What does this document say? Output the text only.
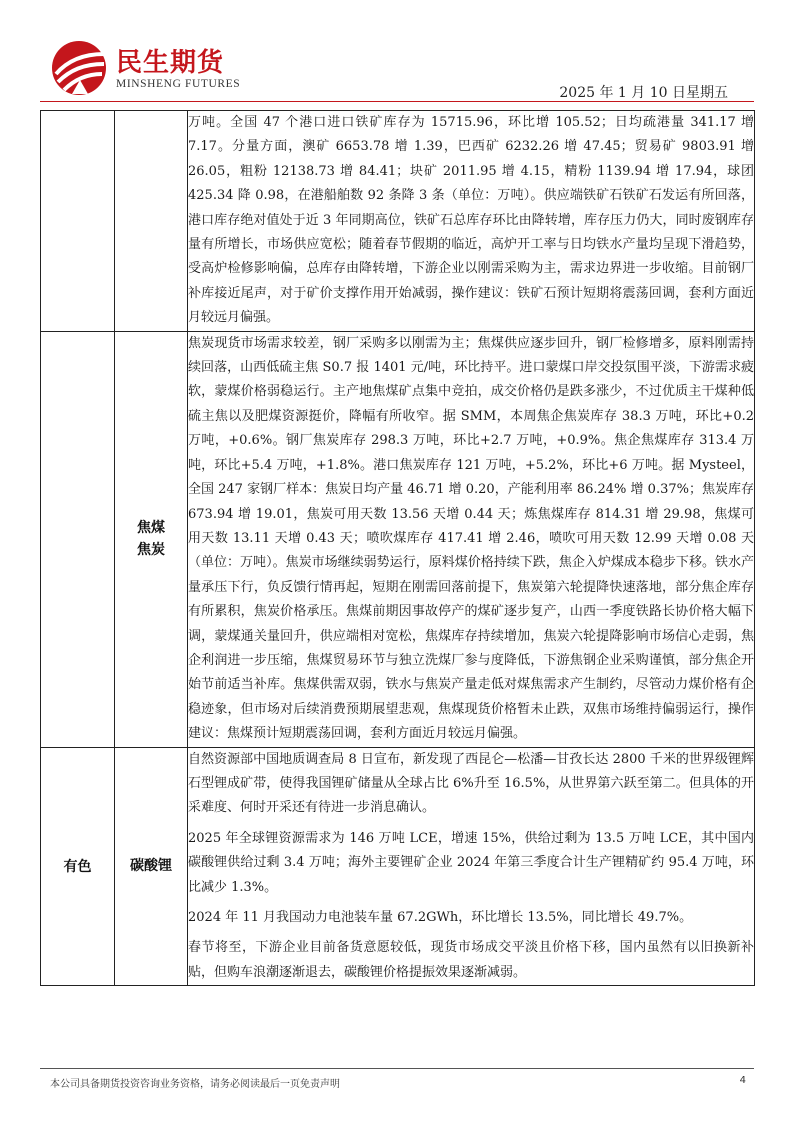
民生期货
MINSHENG FUTURES
2025 年 1 月 10 日星期五

		万吨。全国 47 个港口进口铁矿库存为 15715.96，环比增 105.52；日均疏港量 341.17 增 7.17。分量方面，澳矿 6653.78 增 1.39，巴西矿 6232.26 增 47.45；贸易矿 9803.91 增 26.05，粗粉 12138.73 增 84.41；块矿 2011.95 增 4.15，精粉 1139.94 增 17.94，球团 425.34 降 0.98，在港船舶数 92 条降 3 条（单位：万吨）。供应端铁矿石铁矿石发运有所回落，港口库存绝对值处于近 3 年同期高位，铁矿石总库存环比由降转增，库存压力仍大，同时废钢库存量有所增长，市场供应宽松；随着春节假期的临近，高炉开工率与日均铁水产量均呈现下滑趋势，受高炉检修影响偏，总库存由降转增，下游企业以刚需采购为主，需求边界进一步收缩。目前钢厂补库接近尾声，对于矿价支撑作用开始减弱，操作建议：铁矿石预计短期将震荡回调，套利方面近月较远月偏强。

	焦煤
焦炭	焦炭现货市场需求较差，钢厂采购多以刚需为主；焦煤供应逐步回升，钢厂检修增多，原料刚需持续回落，山西低硫主焦 S0.7 报 1401 元/吨，环比持平。进口蒙煤口岸交投氛围平淡，下游需求疲软，蒙煤价格弱稳运行。主产地焦煤矿点集中竞拍，成交价格仍是跌多涨少，不过优质主干煤种低硫主焦以及肥煤资源挺价，降幅有所收窄。据 SMM，本周焦企焦炭库存 38.3 万吨，环比+0.2 万吨，+0.6%。钢厂焦炭库存 298.3 万吨，环比+2.7 万吨，+0.9%。焦企焦煤库存 313.4 万吨，环比+5.4 万吨，+1.8%。港口焦炭库存 121 万吨，+5.2%，环比+6 万吨。据 Mysteel，全国 247 家钢厂样本：焦炭日均产量 46.71 增 0.20，产能利用率 86.24% 增 0.37%；焦炭库存 673.94 增 19.01，焦炭可用天数 13.56 天增 0.44 天；炼焦煤库存 814.31 增 29.98，焦煤可用天数 13.11 天增 0.43 天；喷吹煤库存 417.41 增 2.46，喷吹可用天数 12.99 天增 0.08 天（单位：万吨）。焦炭市场继续弱势运行，原料煤价格持续下跌，焦企入炉煤成本稳步下移。铁水产量承压下行，负反馈行情再起，短期在刚需回落前提下，焦炭第六轮提降快速落地，部分焦企库存有所累积，焦炭价格承压。焦煤前期因事故停产的煤矿逐步复产，山西一季度铁路长协价格大幅下调，蒙煤通关量回升，供应端相对宽松，焦煤库存持续增加，焦炭六轮提降影响市场信心走弱，焦企利润进一步压缩，焦煤贸易环节与独立洗煤厂参与度降低，下游焦钢企业采购谨慎，部分焦企开始节前适当补库。焦煤供需双弱，铁水与焦炭产量走低对煤焦需求产生制约，尽管动力煤价格有企稳迹象，但市场对后续消费预期展望悲观，焦煤现货价格暂未止跌，双焦市场维持偏弱运行，操作建议：焦煤预计短期震荡回调，套利方面近月较远月偏强。

有色	碳酸锂	自然资源部中国地质调查局 8 日宣布，新发现了西昆仑—松潘—甘孜长达 2800 千米的世界级锂辉石型锂成矿带，使得我国锂矿储量从全球占比 6%升至 16.5%，从世界第六跃至第二。但具体的开采难度、何时开采还有待进一步消息确认。

2025 年全球锂资源需求为 146 万吨 LCE，增速 15%，供给过剩为 13.5 万吨 LCE，其中国内碳酸锂供给过剩 3.4 万吨；海外主要锂矿企业 2024 年第三季度合计生产锂精矿约 95.4 万吨，环比减少 1.3%。

2024 年 11 月我国动力电池装车量 67.2GWh，环比增长 13.5%，同比增长 49.7%。

春节将至，下游企业目前备货意愿较低，现货市场成交平淡且价格下移，国内虽然有以旧换新补贴，但购车浪潮逐渐退去，碳酸锂价格提振效果逐渐减弱。

本公司具备期货投资咨询业务资格，请务必阅读最后一页免责声明	4
